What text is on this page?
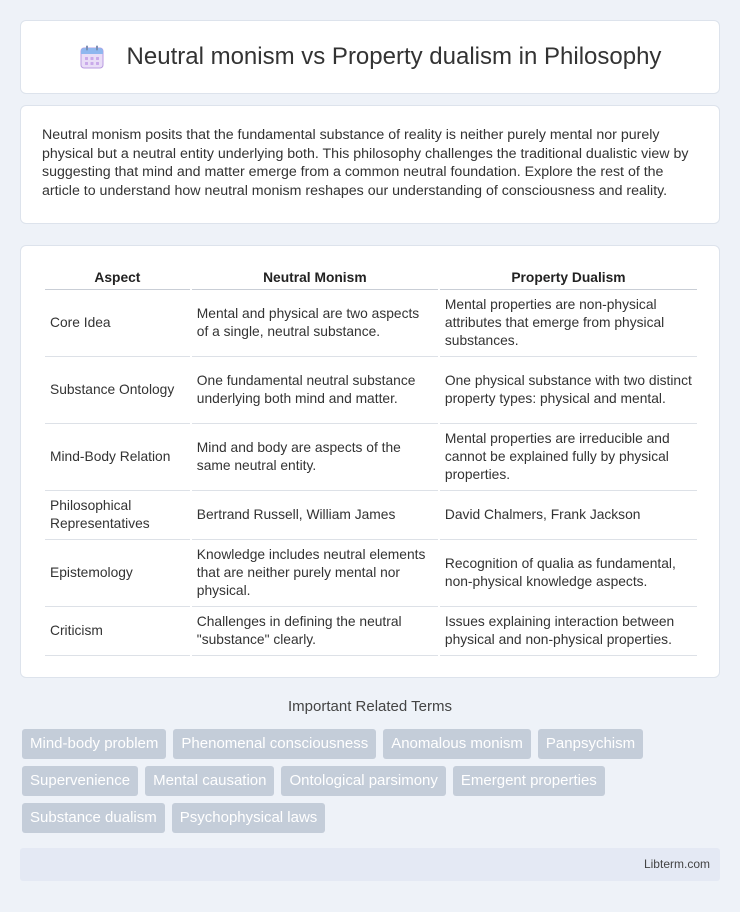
Neutral monism vs Property dualism in Philosophy
Neutral monism posits that the fundamental substance of reality is neither purely mental nor purely physical but a neutral entity underlying both. This philosophy challenges the traditional dualistic view by suggesting that mind and matter emerge from a common neutral foundation. Explore the rest of the article to understand how neutral monism reshapes our understanding of consciousness and reality.
Aspect	Neutral Monism	Property Dualism
Core Idea	Mental and physical are two aspects of a single, neutral substance.	Mental properties are non-physical attributes that emerge from physical substances.
Substance Ontology	One fundamental neutral substance underlying both mind and matter.	One physical substance with two distinct property types: physical and mental.
Mind-Body Relation	Mind and body are aspects of the same neutral entity.	Mental properties are irreducible and cannot be explained fully by physical properties.
Philosophical Representatives	Bertrand Russell, William James	David Chalmers, Frank Jackson
Epistemology	Knowledge includes neutral elements that are neither purely mental nor physical.	Recognition of qualia as fundamental, non-physical knowledge aspects.
Criticism	Challenges in defining the neutral "substance" clearly.	Issues explaining interaction between physical and non-physical properties.
Important Related Terms
Mind-body problem	Phenomenal consciousness	Anomalous monism	Panpsychism
Supervenience	Mental causation	Ontological parsimony	Emergent properties
Substance dualism	Psychophysical laws
Libterm.com
